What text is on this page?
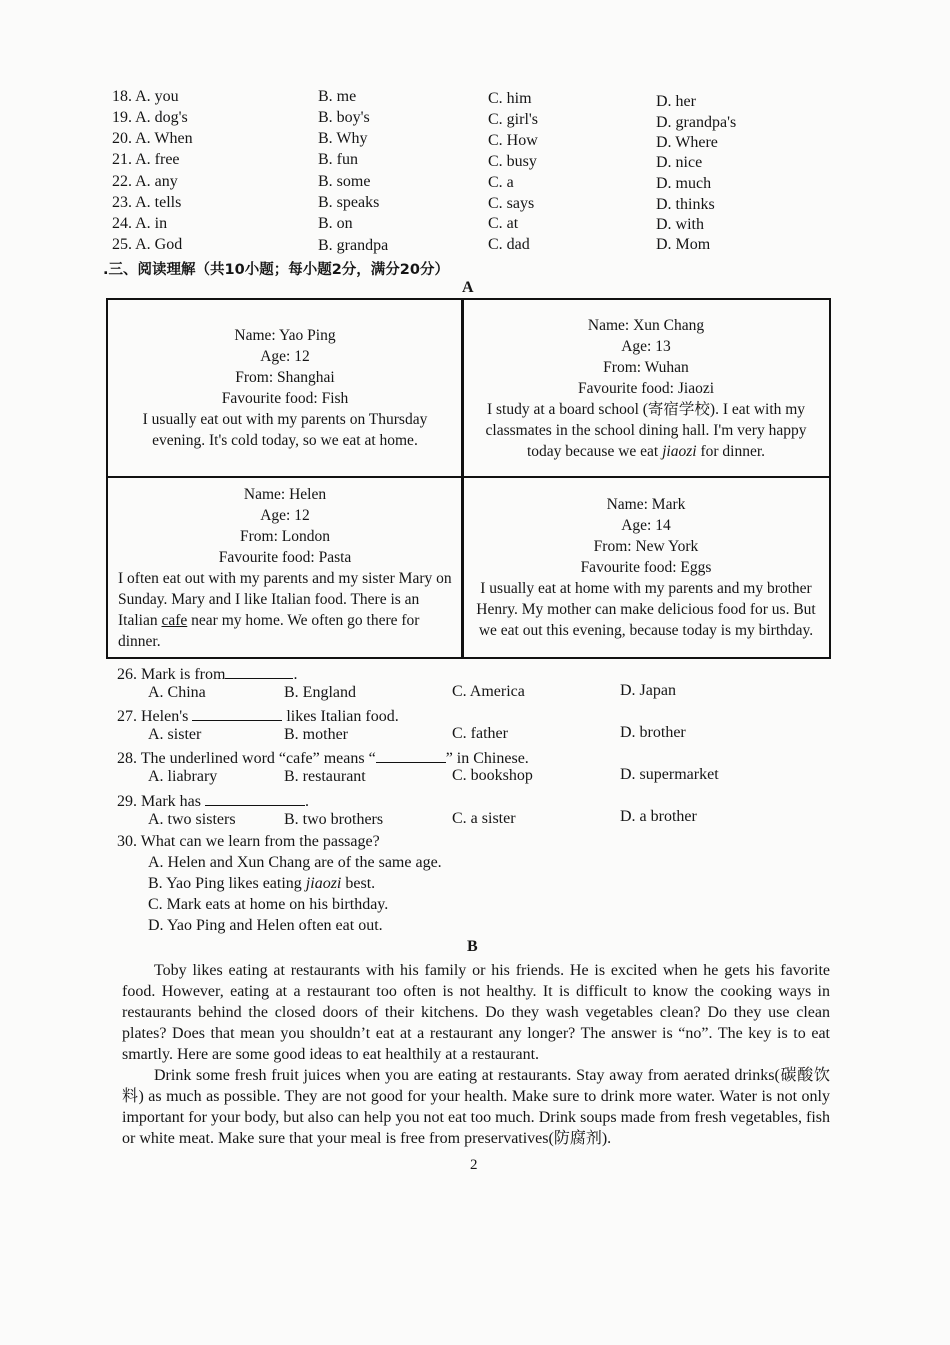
18. A. you	B. me	C. him	D. her
19. A. dog's	B. boy's	C. girl's	D. grandpa's
20. A. When	B. Why	C. How	D. Where
21. A. free	B. fun	C. busy	D. nice
22. A. any	B. some	C. a	D. much
23. A. tells	B. speaks	C. says	D. thinks
24. A. in	B. on	C. at	D. with
25. A. God	B. grandpa	C. dad	D. Mom
.三、阅读理解（共10小题；每小题2分，满分20分）
A
Name: Yao Ping
Age: 12
From: Shanghai
Favourite food: Fish
I usually eat out with my parents on Thursday evening. It's cold today, so we eat at home.
Name: Xun Chang
Age: 13
From: Wuhan
Favourite food: Jiaozi
I study at a board school (寄宿学校). I eat with my classmates in the school dining hall. I'm very happy today because we eat jiaozi for dinner.
Name: Helen
Age: 12
From: London
Favourite food: Pasta
I often eat out with my parents and my sister Mary on Sunday. Mary and I like Italian food. There is an Italian cafe near my home. We often go there for dinner.
Name: Mark
Age: 14
From: New York
Favourite food: Eggs
I usually eat at home with my parents and my brother Henry. My mother can make delicious food for us. But we eat out this evening, because today is my birthday.
26. Mark is from	.
A. China	B. England	C. America	D. Japan
27. Helen's	likes Italian food.
A. sister	B. mother	C. father	D. brother
28. The underlined word “cafe” means “	” in Chinese.
A. liabrary	B. restaurant	C. bookshop	D. supermarket
29. Mark has	.
A. two sisters	B. two brothers	C. a sister	D. a brother
30. What can we learn from the passage?
A. Helen and Xun Chang are of the same age.
B. Yao Ping likes eating jiaozi best.
C. Mark eats at home on his birthday.
D. Yao Ping and Helen often eat out.
B

Toby likes eating at restaurants with his family or his friends. He is excited when he gets his favorite food. However, eating at a restaurant too often is not healthy. It is difficult to know the cooking ways in restaurants behind the closed doors of their kitchens. Do they wash vegetables clean? Do they use clean plates? Does that mean you shouldn’t eat at a restaurant any longer? The answer is “no”. The key is to eat smartly. Here are some good ideas to eat healthily at a restaurant.

Drink some fresh fruit juices when you are eating at restaurants. Stay away from aerated drinks(碳酸饮料) as much as possible. They are not good for your health. Make sure to drink more water. Water is not only important for your body, but also can help you not eat too much. Drink soups made from fresh vegetables, fish or white meat. Make sure that your meal is free from preservatives(防腐剂).

2
